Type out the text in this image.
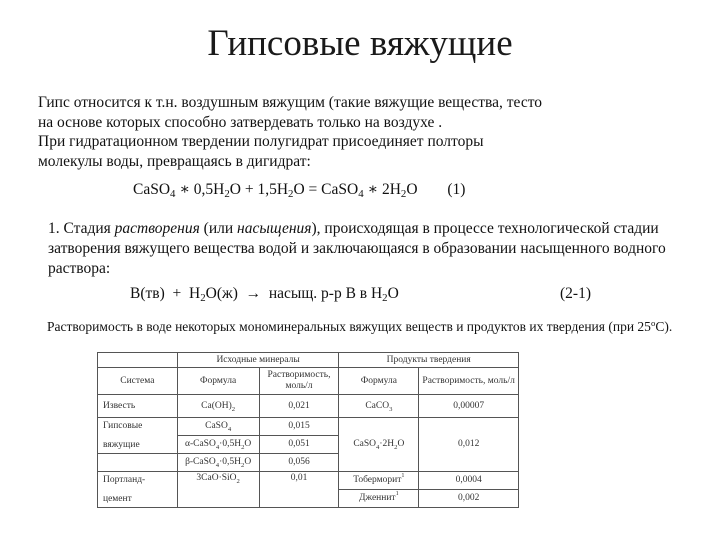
Гипсовые вяжущие
Гипс относится к т.н. воздушным вяжущим (такие вяжущие вещества, тесто
на основе которых способно затвердевать только на воздухе .
При гидратационном твердении полугидрат присоединяет полторы
молекулы воды, превращаясь в дигидрат:
CaSO$_4$ ∗ $0,5H_2O + 1,5H_2O$ = CaSO$_4$ ∗ $2H_2O$ (1)
1. Стадия растворения (или насыщения), происходящая в процессе технологической стадии затворения вяжущего вещества водой и заключающаяся в образовании насыщенного водного раствора:
$В(тв) + H_2O(ж)$ → насыщ. р-р В в $H_2O$	(2-1)
Растворимость в воде некоторых мономинеральных вяжущих веществ и продуктов их твердения (при $25^оС$).
	Исходные минералы		Продукты твердения	
Система	Формула	Растворимость, моль/л	Формула	Растворимость, моль/л
Известь	$Ca(OH)_2$	0,021	CaCO$_3$	0,00007

Гипсовые
вяжущие	CaSO$_4$	0,015	$CaSO_4\cdot 2H_2O$	0,012
	$\alpha-CaSO_4\cdot 0,5H_2O$	0,051		
	$\beta-CaSO_4\cdot 0,5H_2O$	0,056		

Портланд-
цемент	3CaO·SiO$_2$	0,01	Тоберморит$^1$	0,0004
			Дженнит$^1$	0,002
